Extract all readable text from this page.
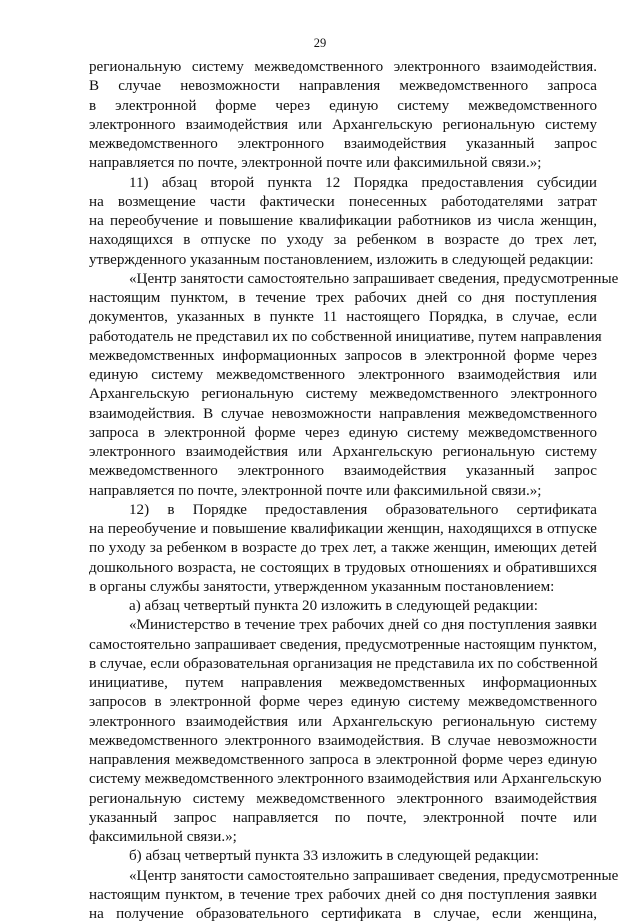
29
региональную систему межведомственного электронного взаимодействия.
В случае невозможности направления межведомственного запроса
в электронной форме через единую систему межведомственного
электронного взаимодействия или Архангельскую региональную систему
межведомственного электронного взаимодействия указанный запрос
направляется по почте, электронной почте или факсимильной связи.»;
11) абзац второй пункта 12 Порядка предоставления субсидии
на возмещение части фактически понесенных работодателями затрат
на переобучение и повышение квалификации работников из числа женщин,
находящихся в отпуске по уходу за ребенком в возрасте до трех лет,
утвержденного указанным постановлением, изложить в следующей редакции:
«Центр занятости самостоятельно запрашивает сведения, предусмотренные
настоящим пунктом, в течение трех рабочих дней со дня поступления
документов, указанных в пункте 11 настоящего Порядка, в случае, если
работодатель не представил их по собственной инициативе, путем направления
межведомственных информационных запросов в электронной форме через
единую систему межведомственного электронного взаимодействия или
Архангельскую региональную систему межведомственного электронного
взаимодействия. В случае невозможности направления межведомственного
запроса в электронной форме через единую систему межведомственного
электронного взаимодействия или Архангельскую региональную систему
межведомственного электронного взаимодействия указанный запрос
направляется по почте, электронной почте или факсимильной связи.»;
12) в Порядке предоставления образовательного сертификата
на переобучение и повышение квалификации женщин, находящихся в отпуске
по уходу за ребенком в возрасте до трех лет, а также женщин, имеющих детей
дошкольного возраста, не состоящих в трудовых отношениях и обратившихся
в органы службы занятости, утвержденном указанным постановлением:
а) абзац четвертый пункта 20 изложить в следующей редакции:
«Министерство в течение трех рабочих дней со дня поступления заявки
самостоятельно запрашивает сведения, предусмотренные настоящим пунктом,
в случае, если образовательная организация не представила их по собственной
инициативе, путем направления межведомственных информационных
запросов в электронной форме через единую систему межведомственного
электронного взаимодействия или Архангельскую региональную систему
межведомственного электронного взаимодействия. В случае невозможности
направления межведомственного запроса в электронной форме через единую
систему межведомственного электронного взаимодействия или Архангельскую
региональную систему межведомственного электронного взаимодействия
указанный запрос направляется по почте, электронной почте или
факсимильной связи.»;
б) абзац четвертый пункта 33 изложить в следующей редакции:
«Центр занятости самостоятельно запрашивает сведения, предусмотренные
настоящим пунктом, в течение трех рабочих дней со дня поступления заявки
на получение образовательного сертификата в случае, если женщина,
